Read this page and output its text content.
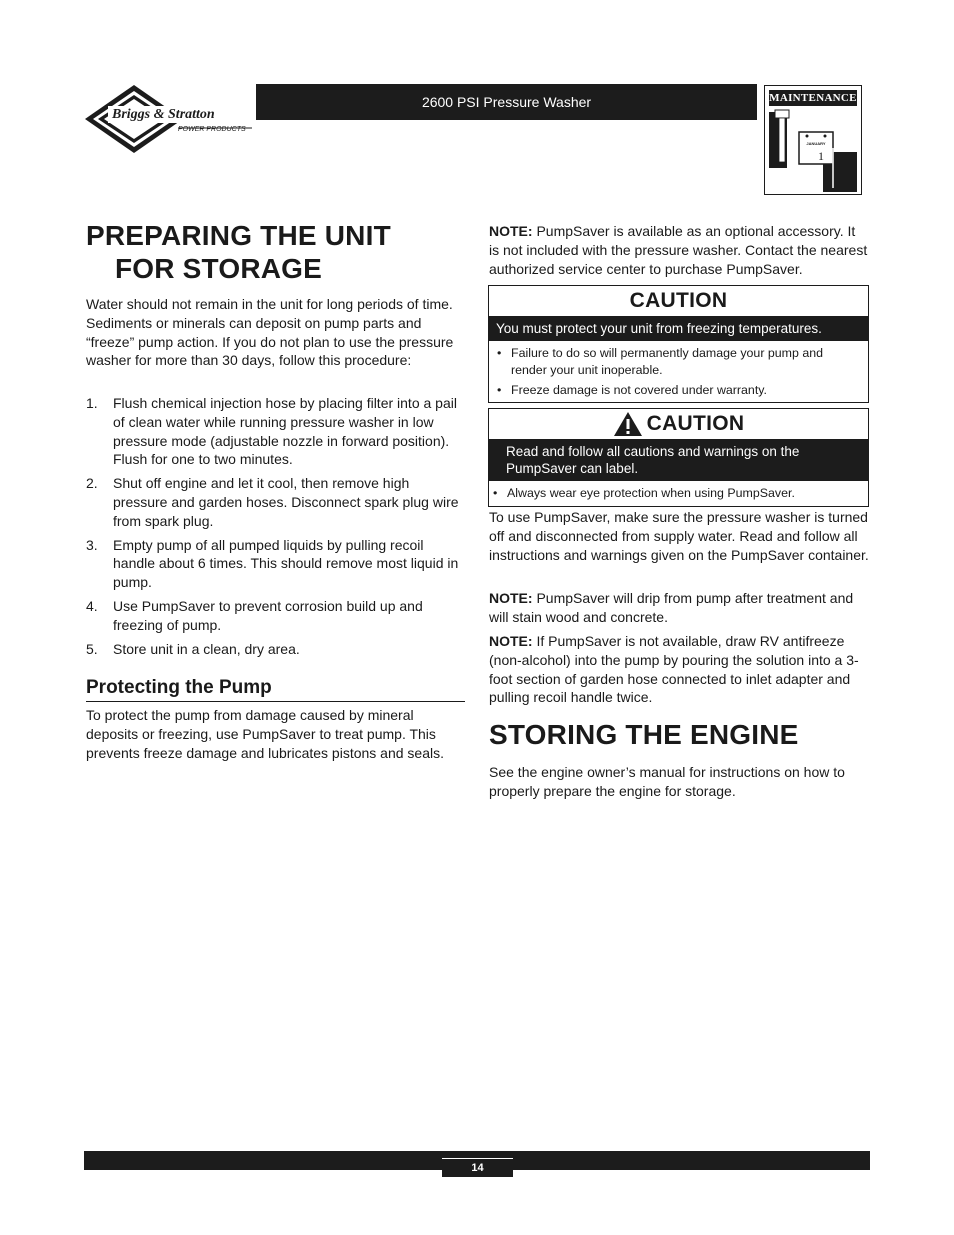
Briggs & Stratton
POWER PRODUCTS
2600 PSI Pressure Washer	MAINTENANCE
JANUARY
1
PREPARING THE UNIT
FOR STORAGE
Water should not remain in the unit for long periods of time. Sediments or minerals can deposit on pump parts and “freeze” pump action. If you do not plan to use the pressure washer for more than 30 days, follow this procedure:
1. Flush chemical injection hose by placing filter into a pail of clean water while running pressure washer in low pressure mode (adjustable nozzle in forward position). Flush for one to two minutes.
2. Shut off engine and let it cool, then remove high pressure and garden hoses. Disconnect spark plug wire from spark plug.
3. Empty pump of all pumped liquids by pulling recoil handle about 6 times. This should remove most liquid in pump.
4. Use PumpSaver to prevent corrosion build up and freezing of pump.
5. Store unit in a clean, dry area.
Protecting the Pump
To protect the pump from damage caused by mineral deposits or freezing, use PumpSaver to treat pump. This prevents freeze damage and lubricates pistons and seals.
NOTE: PumpSaver is available as an optional accessory. It is not included with the pressure washer. Contact the nearest authorized service center to purchase PumpSaver.
CAUTION
You must protect your unit from freezing temperatures.
• Failure to do so will permanently damage your pump and render your unit inoperable.
• Freeze damage is not covered under warranty.
CAUTION
Read and follow all cautions and warnings on the PumpSaver can label.
• Always wear eye protection when using PumpSaver.
To use PumpSaver, make sure the pressure washer is turned off and disconnected from supply water. Read and follow all instructions and warnings given on the PumpSaver container.
NOTE: PumpSaver will drip from pump after treatment and will stain wood and concrete.
NOTE: If PumpSaver is not available, draw RV antifreeze (non-alcohol) into the pump by pouring the solution into a 3-foot section of garden hose connected to inlet adapter and pulling recoil handle twice.
STORING THE ENGINE
See the engine owner’s manual for instructions on how to properly prepare the engine for storage.
14
